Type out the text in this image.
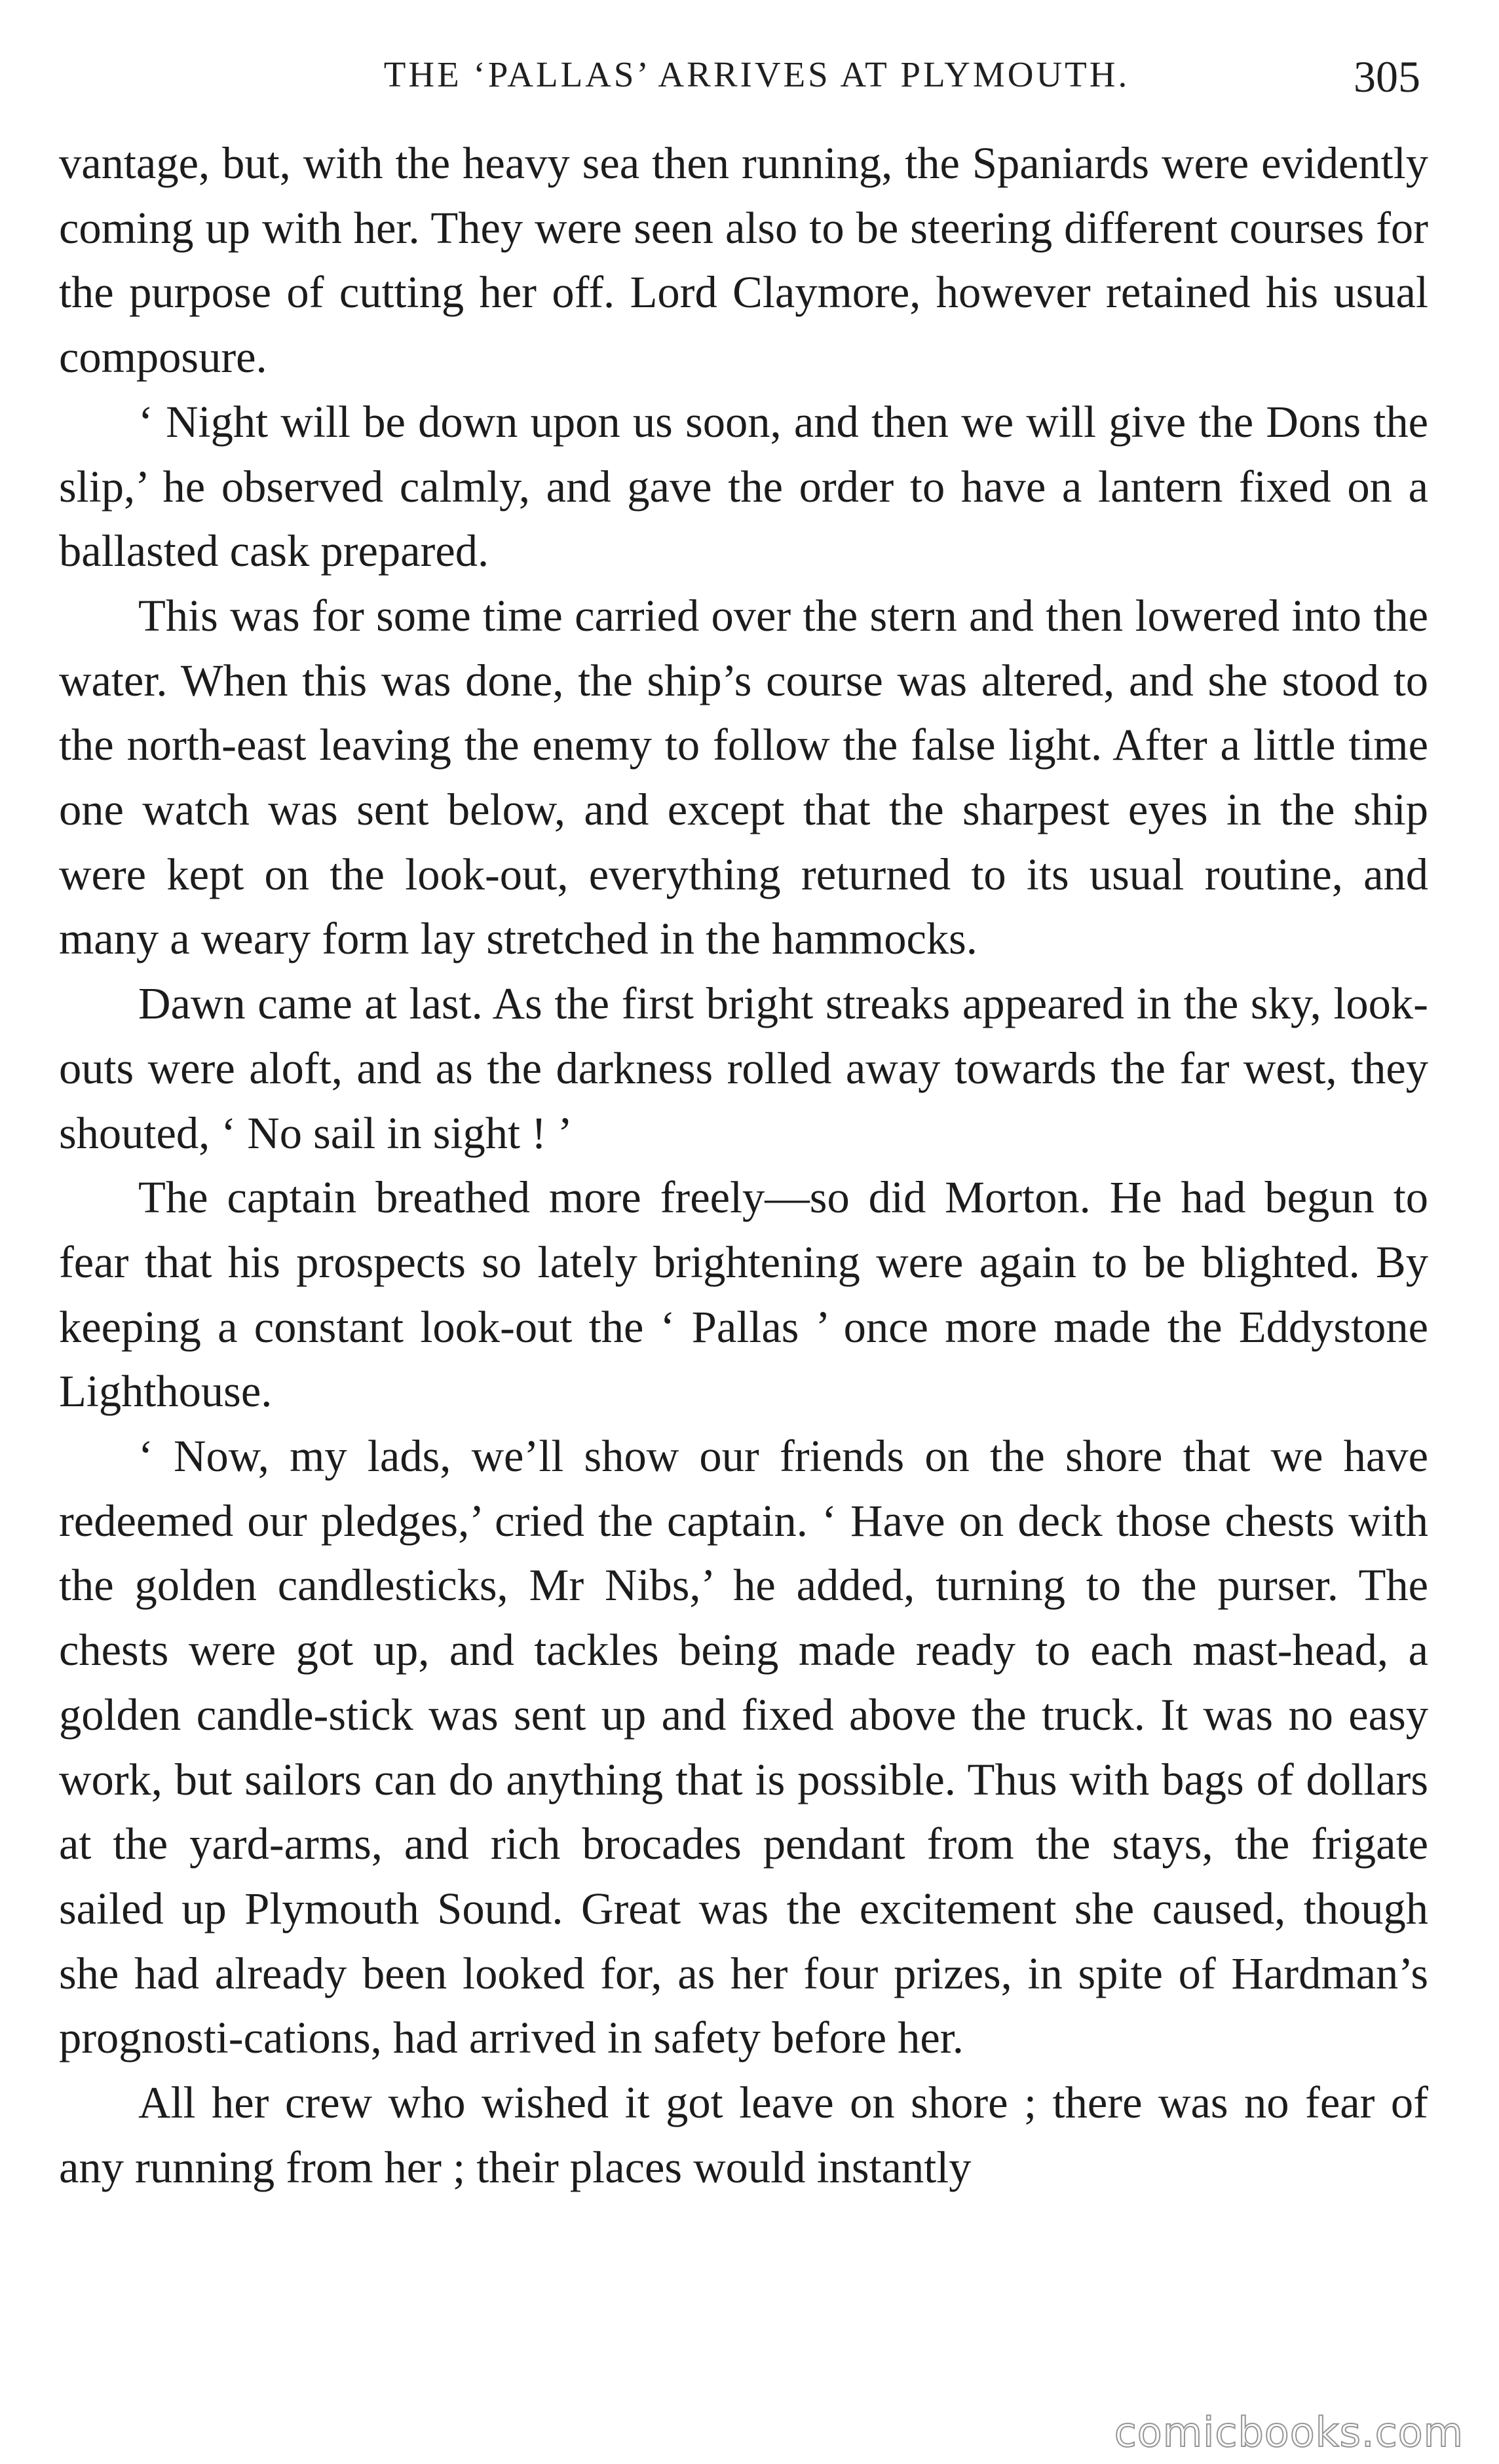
THE ‘PALLAS’ ARRIVES AT PLYMOUTH.	305

vantage, but, with the heavy sea then running, the Spaniards were evidently coming up with her. They were seen also to be steering different courses for the purpose of cutting her off. Lord Claymore, however retained his usual composure.

‘ Night will be down upon us soon, and then we will give the Dons the slip,’ he observed calmly, and gave the order to have a lantern fixed on a ballasted cask prepared.

This was for some time carried over the stern and then lowered into the water. When this was done, the ship’s course was altered, and she stood to the north-east leaving the enemy to follow the false light. After a little time one watch was sent below, and except that the sharpest eyes in the ship were kept on the look-out, everything returned to its usual routine, and many a weary form lay stretched in the hammocks.

Dawn came at last. As the first bright streaks appeared in the sky, look-outs were aloft, and as the darkness rolled away towards the far west, they shouted, ‘ No sail in sight ! ’

The captain breathed more freely—so did Morton. He had begun to fear that his prospects so lately brightening were again to be blighted. By keeping a constant look-out the ‘ Pallas ’ once more made the Eddystone Lighthouse.

‘ Now, my lads, we’ll show our friends on the shore that we have redeemed our pledges,’ cried the captain. ‘ Have on deck those chests with the golden candlesticks, Mr Nibs,’ he added, turning to the purser. The chests were got up, and tackles being made ready to each mast-head, a golden candle-stick was sent up and fixed above the truck. It was no easy work, but sailors can do anything that is possible. Thus with bags of dollars at the yard-arms, and rich brocades pendant from the stays, the frigate sailed up Plymouth Sound. Great was the excitement she caused, though she had already been looked for, as her four prizes, in spite of Hardman’s prognosti-cations, had arrived in safety before her.

All her crew who wished it got leave on shore ; there was no fear of any running from her ; their places would instantly

comicbooks.com
